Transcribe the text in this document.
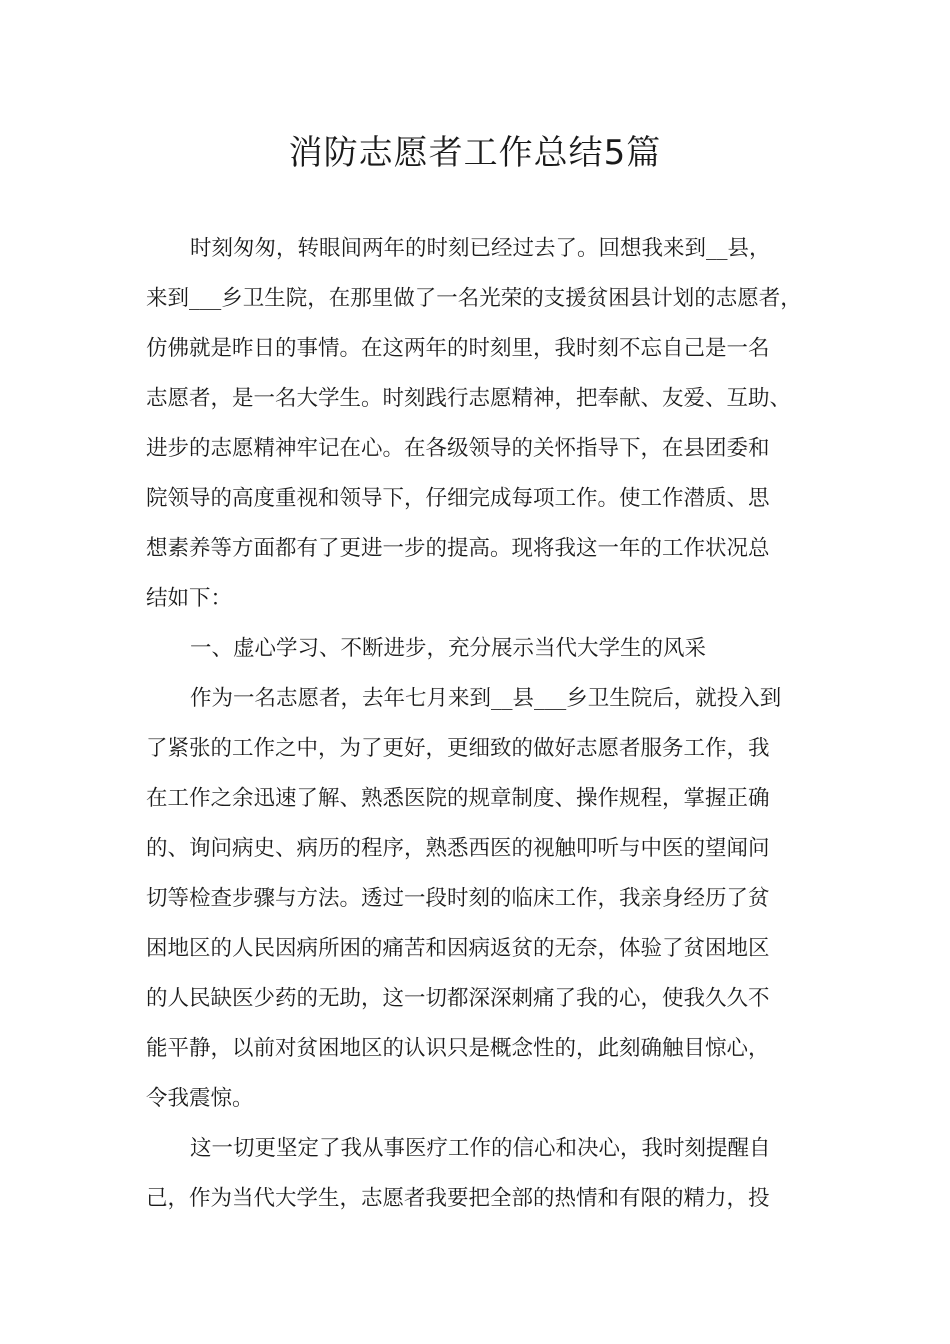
消防志愿者工作总结5篇
时刻匆匆，转眼间两年的时刻已经过去了。回想我来到__县，
来到___乡卫生院，在那里做了一名光荣的支援贫困县计划的志愿者，
仿佛就是昨日的事情。在这两年的时刻里，我时刻不忘自己是一名
志愿者，是一名大学生。时刻践行志愿精神，把奉献、友爱、互助、
进步的志愿精神牢记在心。在各级领导的关怀指导下，在县团委和
院领导的高度重视和领导下，仔细完成每项工作。使工作潜质、思
想素养等方面都有了更进一步的提高。现将我这一年的工作状况总
结如下：
一、虚心学习、不断进步，充分展示当代大学生的风采
作为一名志愿者，去年七月来到__县___乡卫生院后，就投入到
了紧张的工作之中，为了更好，更细致的做好志愿者服务工作，我
在工作之余迅速了解、熟悉医院的规章制度、操作规程，掌握正确
的、询问病史、病历的程序，熟悉西医的视触叩听与中医的望闻问
切等检查步骤与方法。透过一段时刻的临床工作，我亲身经历了贫
困地区的人民因病所困的痛苦和因病返贫的无奈，体验了贫困地区
的人民缺医少药的无助，这一切都深深刺痛了我的心，使我久久不
能平静，以前对贫困地区的认识只是概念性的，此刻确触目惊心，
令我震惊。
这一切更坚定了我从事医疗工作的信心和决心，我时刻提醒自
己，作为当代大学生，志愿者我要把全部的热情和有限的精力，投
